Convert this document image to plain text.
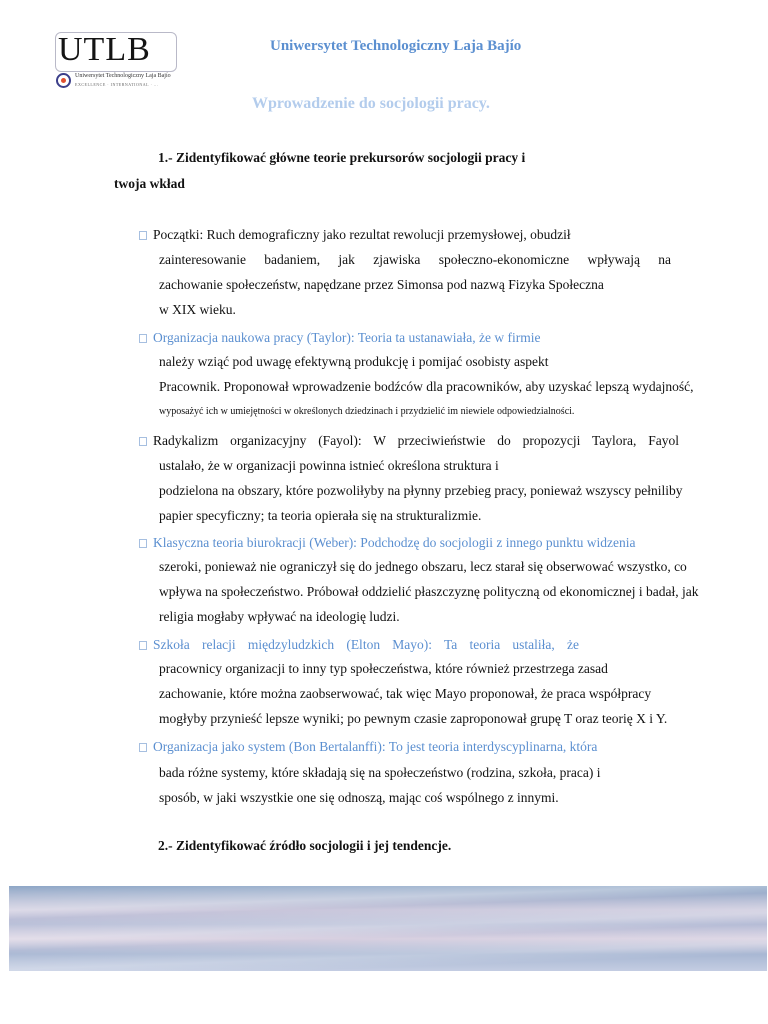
UTLB
Uniwersytet Technologiczny Laja Bajío
EXCELLENCE · INTERNATIONAL · ...
Uniwersytet Technologiczny Laja Bajío
Wprowadzenie do socjologii pracy.
1.- Zidentyfikować główne teorie prekursorów socjologii pracy i
twoja wkład
Początki: Ruch demograficzny jako rezultat rewolucji przemysłowej, obudził
zainteresowanie badaniem, jak zjawiska społeczno-ekonomiczne wpływają na
zachowanie społeczeństw, napędzane przez Simonsa pod nazwą Fizyka Społeczna
w XIX wieku.
Organizacja naukowa pracy (Taylor): Teoria ta ustanawiała, że w firmie
należy wziąć pod uwagę efektywną produkcję i pomijać osobisty aspekt
Pracownik. Proponował wprowadzenie bodźców dla pracowników, aby uzyskać lepszą wydajność,
wyposażyć ich w umiejętności w określonych dziedzinach i przydzielić im niewiele odpowiedzialności.
Radykalizm organizacyjny (Fayol): W przeciwieństwie do propozycji Taylora, Fayol
ustalało, że w organizacji powinna istnieć określona struktura i
podzielona na obszary, które pozwoliłyby na płynny przebieg pracy, ponieważ wszyscy pełniliby
papier specyficzny; ta teoria opierała się na strukturalizmie.
Klasyczna teoria biurokracji (Weber): Podchodzę do socjologii z innego punktu widzenia
szeroki, ponieważ nie ograniczył się do jednego obszaru, lecz starał się obserwować wszystko, co
wpływa na społeczeństwo. Próbował oddzielić płaszczyznę polityczną od ekonomicznej i badał, jak
religia mogłaby wpływać na ideologię ludzi.
Szkoła relacji międzyludzkich (Elton Mayo): Ta teoria ustaliła, że
pracownicy organizacji to inny typ społeczeństwa, które również przestrzega zasad
zachowanie, które można zaobserwować, tak więc Mayo proponował, że praca współpracy
mogłyby przynieść lepsze wyniki; po pewnym czasie zaproponował grupę T oraz teorię X i Y.
Organizacja jako system (Bon Bertalanffi): To jest teoria interdyscyplinarna, która
bada różne systemy, które składają się na społeczeństwo (rodzina, szkoła, praca) i
sposób, w jaki wszystkie one się odnoszą, mając coś wspólnego z innymi.
2.- Zidentyfikować źródło socjologii i jej tendencje.
